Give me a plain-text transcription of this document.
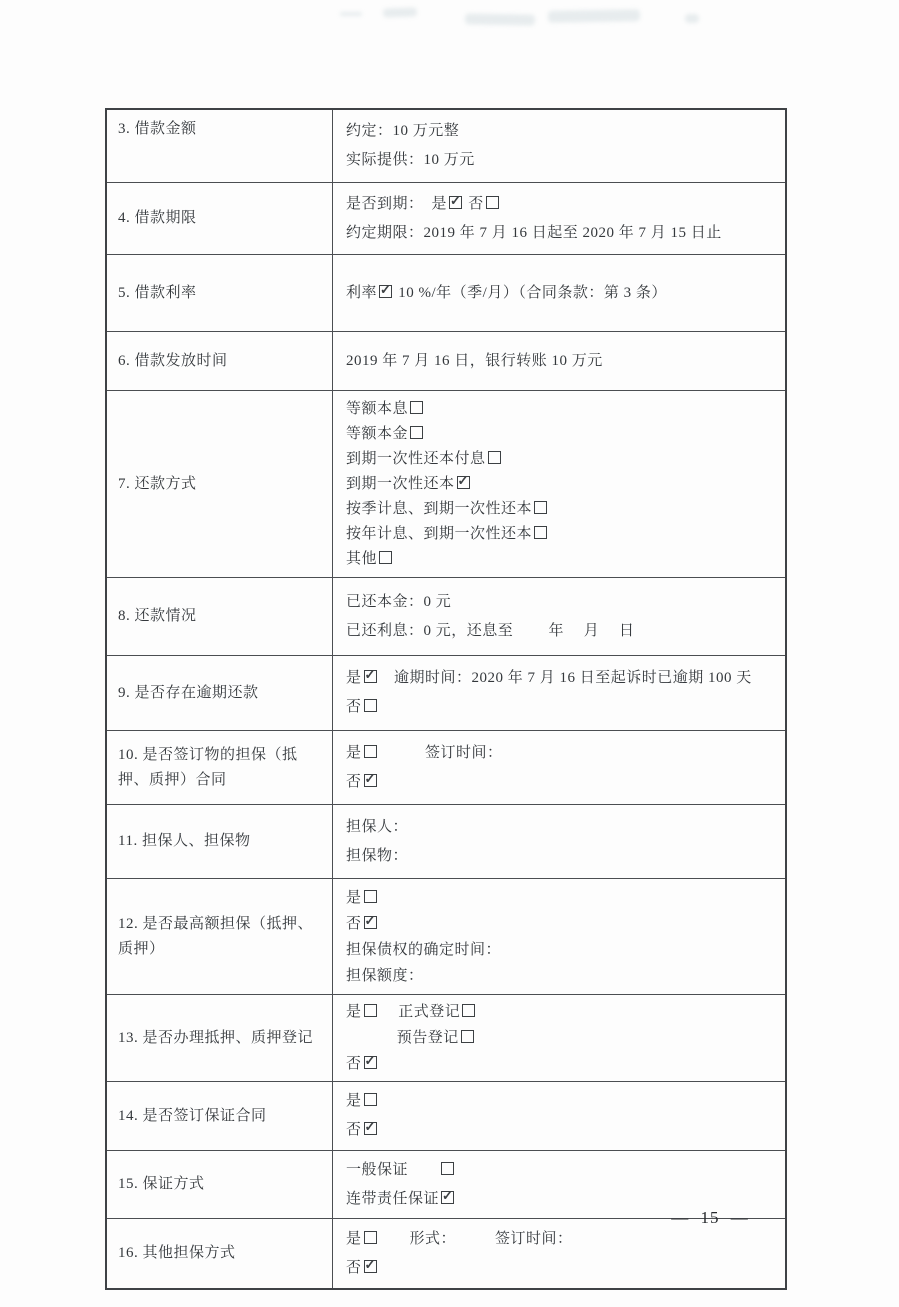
3. 借款金额	约定：10 万元整
实际提供：10 万元

4. 借款期限	是否到期：　是 ✓ 否
约定期限：2019 年 7 月 16 日起至 2020 年 7 月 15 日止

5. 借款利率	利率 ✓ 10 %/年（季/月）（合同条款：第 3 条）

6. 借款发放时间	2019 年 7 月 16 日，银行转账 10 万元

7. 还款方式	
等额本息
等额本金
到期一次性还本付息
到期一次性还本 ✓
按季计息、到期一次性还本
按年计息、到期一次性还本
其他

8. 还款情况	已还本金：0 元
已还利息：0 元，还息至　　 年　 月　 日

9. 是否存在逾期还款	是 ✓　逾期时间：2020 年 7 月 16 日至起诉时已逾期 100 天
否

10. 是否签订物的担保（抵押、质押）合同	是　　　签订时间：
否 ✓

11. 担保人、担保物	担保人：
担保物：

12. 是否最高额担保（抵押、质押）	是
否 ✓
担保债权的确定时间：
担保额度：

13. 是否办理抵押、质押登记	是　 正式登记
　　　 预告登记
否 ✓

14. 是否签订保证合同	是
否 ✓

15. 保证方式	一般保证　　
连带责任保证 ✓

16. 其他担保方式	是　　形式：　　　签订时间：
否 ✓
— 15 —
